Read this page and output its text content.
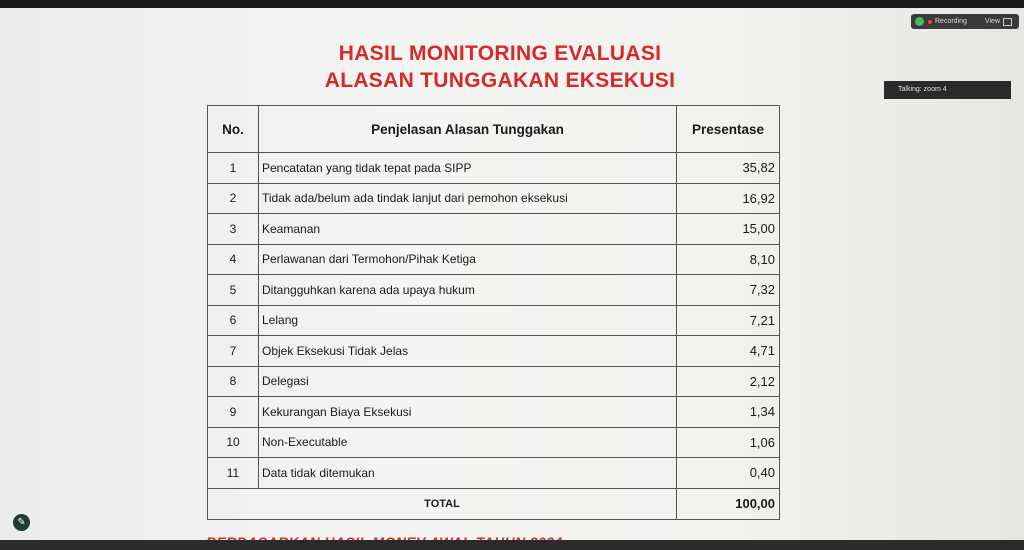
HASIL MONITORING EVALUASI
ALASAN TUNGGAKAN EKSEKUSI
No.	Penjelasan Alasan Tunggakan	Presentase
1	Pencatatan yang tidak tepat pada SIPP	35,82
2	Tidak ada/belum ada tindak lanjut dari pemohon eksekusi	16,92
3	Keamanan	15,00
4	Perlawanan dari Termohon/Pihak Ketiga	8,10
5	Ditangguhkan karena ada upaya hukum	7,32
6	Lelang	7,21
7	Objek Eksekusi Tidak Jelas	4,71
8	Delegasi	2,12
9	Kekurangan Biaya Eksekusi	1,34
10	Non-Executable	1,06
11	Data tidak ditemukan	0,40
TOTAL		100,00
Recording	View
Talking: zoom 4
✎
